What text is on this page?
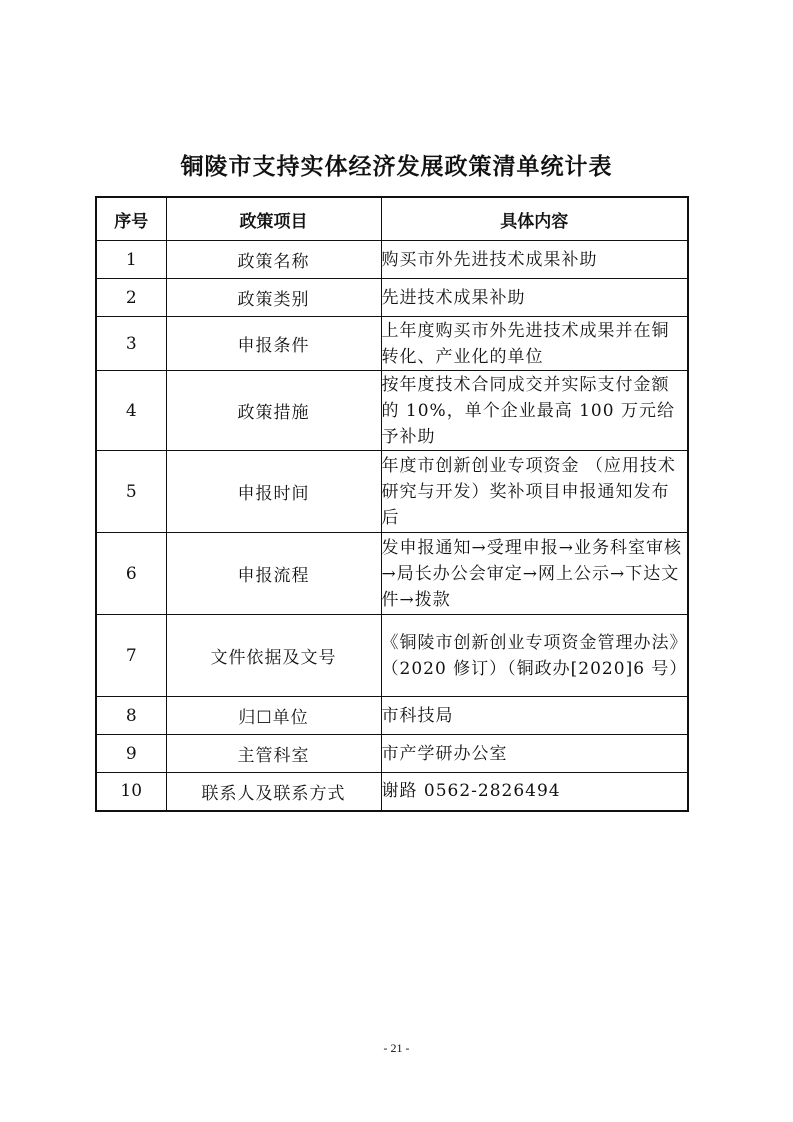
铜陵市支持实体经济发展政策清单统计表
序号	政策项目	具体内容
1	政策名称	购买市外先进技术成果补助
2	政策类别	先进技术成果补助
3	申报条件	上年度购买市外先进技术成果并在铜转化、产业化的单位
4	政策措施	按年度技术合同成交并实际支付金额的 10%，单个企业最高 100 万元给予补助
5	申报时间	年度市创新创业专项资金 （应用技术研究与开发）奖补项目申报通知发布后
6	申报流程	发申报通知→受理申报→业务科室审核→局长办公会审定→网上公示→下达文件→拨款
7	文件依据及文号	《铜陵市创新创业专项资金管理办法》（2020 修订）（铜政办[2020]6 号）
8	归☐单位	市科技局
9	主管科室	市产学研办公室
10	联系人及联系方式	谢路 0562-2826494
- 21 -
